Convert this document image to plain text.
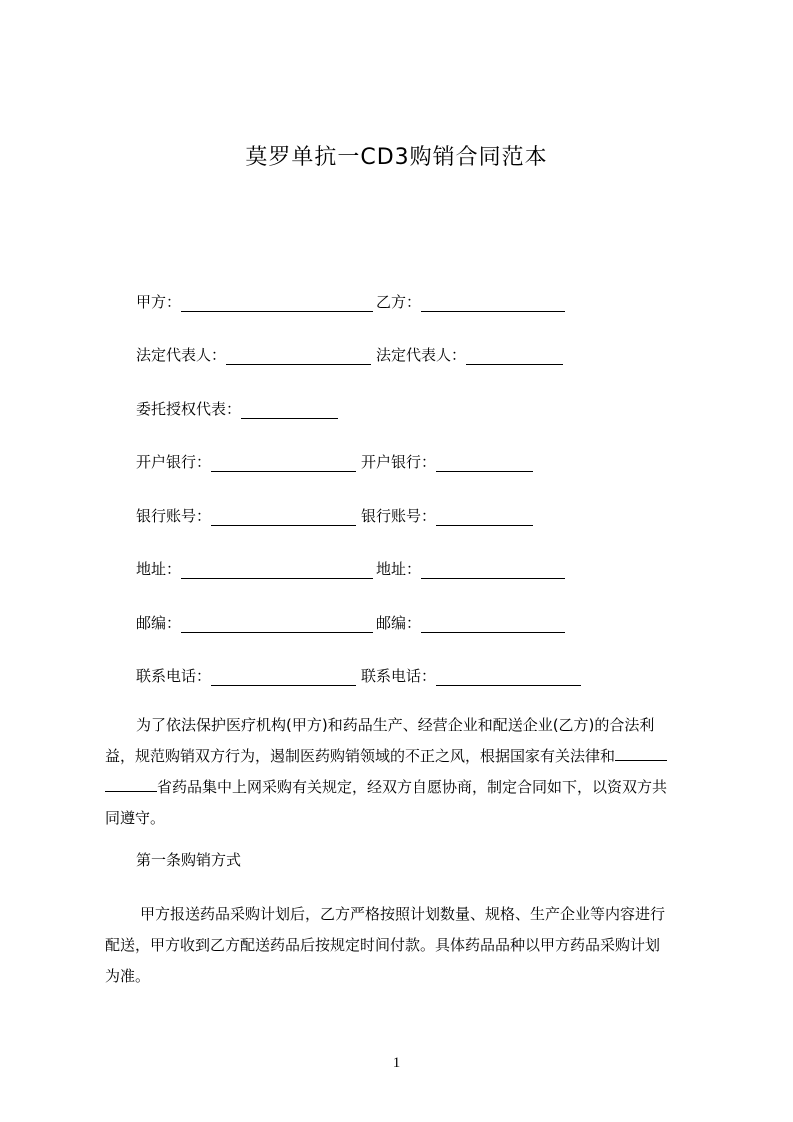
莫罗单抗一CD3购销合同范本
甲方：	乙方：
法定代表人：	法定代表人：
委托授权代表：
开户银行：	开户银行：
银行账号：	银行账号：
地址：	地址：
邮编：	邮编：
联系电话：	联系电话：
为了依法保护医疗机构(甲方)和药品生产、经营企业和配送企业(乙方)的合法利
益，规范购销双方行为，遏制医药购销领域的不正之风，根据国家有关法律和
省药品集中上网采购有关规定，经双方自愿协商，制定合同如下，以资双方共
同遵守。
第一条购销方式
甲方报送药品采购计划后，乙方严格按照计划数量、规格、生产企业等内容进行
配送，甲方收到乙方配送药品后按规定时间付款。具体药品品种以甲方药品采购计划
为准。
1
